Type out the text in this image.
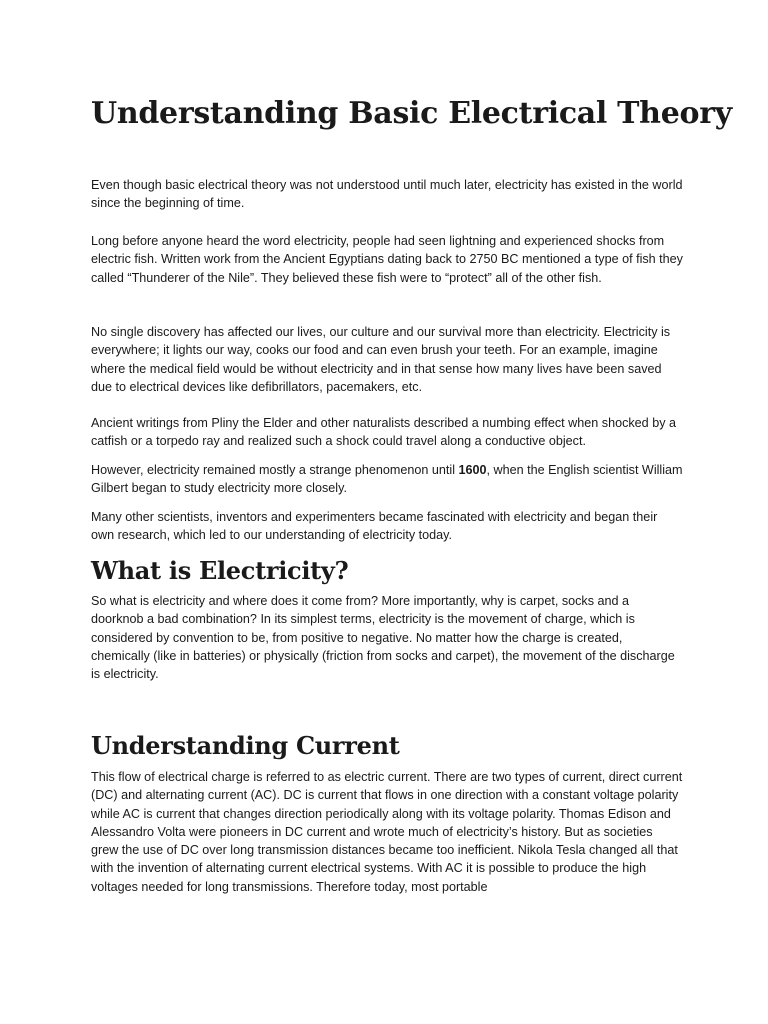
Understanding Basic Electrical Theory

Even though basic electrical theory was not understood until much later, electricity has existed in the world since the beginning of time.

Long before anyone heard the word electricity, people had seen lightning and experienced shocks from electric fish. Written work from the Ancient Egyptians dating back to 2750 BC mentioned a type of fish they called “Thunderer of the Nile”. They believed these fish were to “protect” all of the other fish.

No single discovery has affected our lives, our culture and our survival more than electricity. Electricity is everywhere; it lights our way, cooks our food and can even brush your teeth. For an example, imagine where the medical field would be without electricity and in that sense how many lives have been saved due to electrical devices like defibrillators, pacemakers, etc.

Ancient writings from Pliny the Elder and other naturalists described a numbing effect when shocked by a catfish or a torpedo ray and realized such a shock could travel along a conductive object.

However, electricity remained mostly a strange phenomenon until 1600, when the English scientist William Gilbert began to study electricity more closely.

Many other scientists, inventors and experimenters became fascinated with electricity and began their own research, which led to our understanding of electricity today.

What is Electricity?

So what is electricity and where does it come from? More importantly, why is carpet, socks and a doorknob a bad combination? In its simplest terms, electricity is the movement of charge, which is considered by convention to be, from positive to negative. No matter how the charge is created, chemically (like in batteries) or physically (friction from socks and carpet), the movement of the discharge is electricity.

Understanding Current

This flow of electrical charge is referred to as electric current. There are two types of current, direct current (DC) and alternating current (AC). DC is current that flows in one direction with a constant voltage polarity while AC is current that changes direction periodically along with its voltage polarity. Thomas Edison and Alessandro Volta were pioneers in DC current and wrote much of electricity’s history. But as societies grew the use of DC over long transmission distances became too inefficient. Nikola Tesla changed all that with the invention of alternating current electrical systems. With AC it is possible to produce the high voltages needed for long transmissions. Therefore today, most portable
